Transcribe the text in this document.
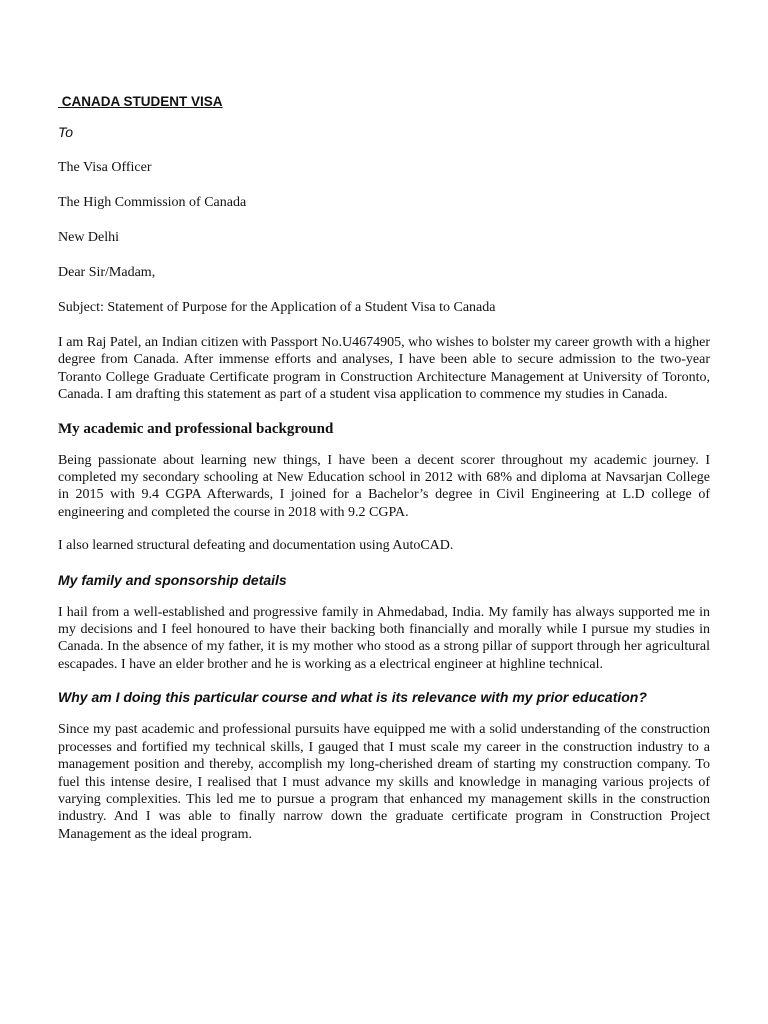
CANADA STUDENT VISA
To
The Visa Officer
The High Commission of Canada
New Delhi
Dear Sir/Madam,
Subject: Statement of Purpose for the Application of a Student Visa to Canada
I am Raj Patel, an Indian citizen with Passport No.U4674905, who wishes to bolster my career growth with a higher degree from Canada. After immense efforts and analyses, I have been able to secure admission to the two-year Toranto College Graduate Certificate program in Construction Architecture Management at University of Toronto, Canada. I am drafting this statement as part of a student visa application to commence my studies in Canada.
My academic and professional background
Being passionate about learning new things, I have been a decent scorer throughout my academic journey. I completed my secondary schooling at New Education school in 2012 with 68% and diploma at Navsarjan College in 2015 with 9.4 CGPA Afterwards, I joined for a Bachelor’s degree in Civil Engineering at L.D college of engineering and completed the course in 2018 with 9.2 CGPA.
I also learned structural defeating and documentation using AutoCAD.
My family and sponsorship details
I hail from a well-established and progressive family in Ahmedabad, India. My family has always supported me in my decisions and I feel honoured to have their backing both financially and morally while I pursue my studies in Canada. In the absence of my father, it is my mother who stood as a strong pillar of support through her agricultural escapades. I have an elder brother and he is working as a electrical engineer at highline technical.
Why am I doing this particular course and what is its relevance with my prior education?
Since my past academic and professional pursuits have equipped me with a solid understanding of the construction processes and fortified my technical skills, I gauged that I must scale my career in the construction industry to a management position and thereby, accomplish my long-cherished dream of starting my construction company. To fuel this intense desire, I realised that I must advance my skills and knowledge in managing various projects of varying complexities. This led me to pursue a program that enhanced my management skills in the construction industry. And I was able to finally narrow down the graduate certificate program in Construction Project Management as the ideal program.
